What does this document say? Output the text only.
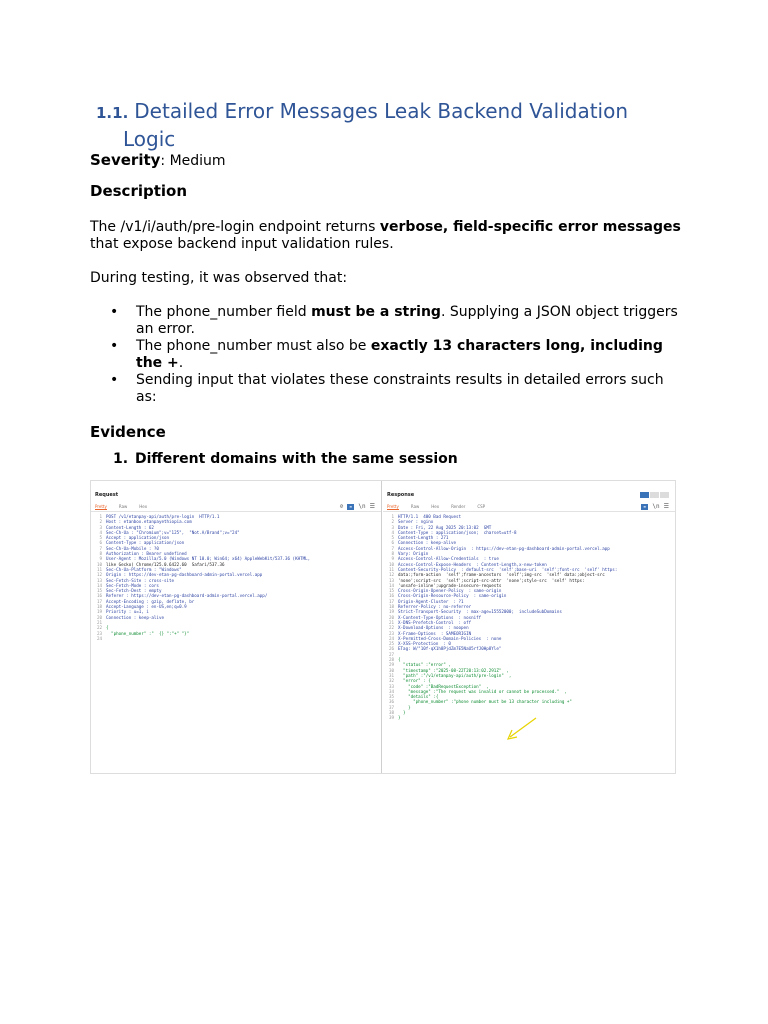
1.1. Detailed Error Messages Leak Backend Validation
Logic
Severity: Medium
Description
The /v1/i/auth/pre-login endpoint returns verbose, field-specific error messages
that expose backend input validation rules.
During testing, it was observed that:
• The phone_number field must be a string. Supplying a JSON object triggers an error.
• The phone_number must also be exactly 13 characters long, including the +.
• Sending input that violates these constraints results in detailed errors such as:
Evidence
1. Different domains with the same session
Request
Pretty	Raw	Hex	⊘ ≡ \n ☰
1 POST /v1/etanpay-api/auth/pre-login  HTTP/1.1
2 Host : etanbox.etanpayethiopia.com
3 Content-Length : 62
4 Sec-Ch-Ua : "Chromium";v="125",  "Not.A/Brand";v="24"
5 Accept : application/json
6 Content-Type : application/json
7 Sec-Ch-Ua-Mobile : ?0
8 Authorization : Bearer undefined
9 User-Agent : Mozilla/5.0 (Windows NT 10.0; Win64; x64) AppleWebKit/537.36 (KHTML,
10 like Gecko) Chrome/125.0.6422.60  Safari/537.36
11 Sec-Ch-Ua-Platform : "Windows"
12 Origin : https://dev-etan-pg-dashboard-admin-portal.vercel.app
13 Sec-Fetch-Site : cross-site
14 Sec-Fetch-Mode : cors
15 Sec-Fetch-Dest : empty
16 Referer : https://dev-etan-pg-dashboard-admin-portal.vercel.app/
17 Accept-Encoding : gzip, deflate, br
18 Accept-Language : en-US,en;q=0.9
19 Priority : u=1, i
20 Connection : keep-alive
21
22 {
23  "phone_number" :"  {} ":"+" "}"
24
Response
Pretty	Raw	Hex	Render	CSP	≡ \n ☰
1 HTTP/1.1  400 Bad Request
2 Server : nginx
3 Date : Fri, 22 Aug 2025 20:13:02  GMT
4 Content-Type : application/json;  charset=utf-8
5 Content-Length : 271
6 Connection : keep-alive
7 Access-Control-Allow-Origin  : https://dev-etan-pg-dashboard-admin-portal.vercel.app
8 Vary: Origin
9 Access-Control-Allow-Credentials  : true
10 Access-Control-Expose-Headers  : Content-Length,x-new-token
11 Content-Security-Policy  : default-src  'self';base-uri  'self';font-src  'self' https:
12 data:;form-action  'self';frame-ancestors  'self';img-src  'self' data:;object-src
13 'none';script-src  'self';script-src-attr  'none';style-src  'self' https:
14 'unsafe-inline';upgrade-insecure-requests
15 Cross-Origin-Opener-Policy  : same-origin
16 Cross-Origin-Resource-Policy  : same-origin
17 Origin-Agent-Cluster  : ?1
18 Referrer-Policy : no-referrer
19 Strict-Transport-Security  : max-age=15552000;  includeSubDomains
20 X-Content-Type-Options  : nosniff
21 X-DNS-Prefetch-Control  : off
22 X-Download-Options  : noopen
23 X-Frame-Options  : SAMEORIGIN
24 X-Permitted-Cross-Domain-Policies  : none
25 X-XSS-Protection  : 0
26 ETag: W/"10f-qX1h8PjdZm7E5NaU5rfJ0Hp8Yle"
27
28 {
29  "status" :"error" ,
30  "timestamp" :"2025-08-22T20:13:02.291Z"  ,
31  "path" :"/v1/etanpay-api/auth/pre-login"  ,
32  "error" : {
33    "code" :"BadRequestException"  ,
34    "message" :"The request was invalid or cannot be processed."  ,
35    "details" :{
36      "phone_number" :"phone number must be 13 character including +"
37    }
38  }
39 }
